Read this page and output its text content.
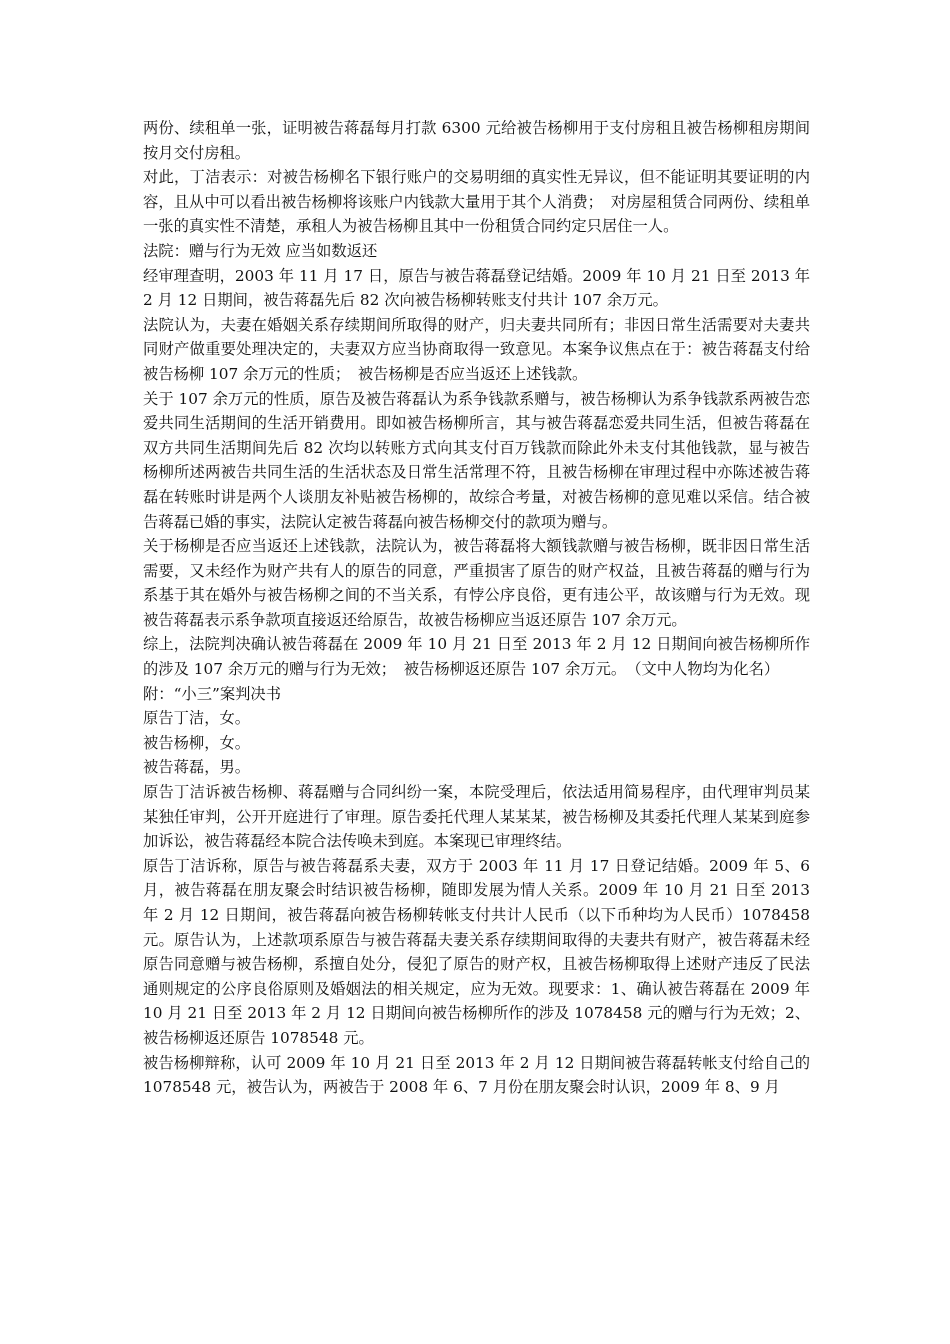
两份、续租单一张，证明被告蒋磊每月打款 6300 元给被告杨柳用于支付房租且被告杨柳租房期间按月交付房租。

对此，丁洁表示：对被告杨柳名下银行账户的交易明细的真实性无异议，但不能证明其要证明的内容，且从中可以看出被告杨柳将该账户内钱款大量用于其个人消费；　对房屋租赁合同两份、续租单一张的真实性不清楚，承租人为被告杨柳且其中一份租赁合同约定只居住一人。

法院：赠与行为无效 应当如数返还

经审理查明，2003 年 11 月 17 日，原告与被告蒋磊登记结婚。2009 年 10 月 21 日至 2013 年 2 月 12 日期间，被告蒋磊先后 82 次向被告杨柳转账支付共计 107 余万元。

法院认为，夫妻在婚姻关系存续期间所取得的财产，归夫妻共同所有；非因日常生活需要对夫妻共同财产做重要处理决定的，夫妻双方应当协商取得一致意见。本案争议焦点在于：被告蒋磊支付给被告杨柳 107 余万元的性质；　被告杨柳是否应当返还上述钱款。

关于 107 余万元的性质，原告及被告蒋磊认为系争钱款系赠与，被告杨柳认为系争钱款系两被告恋爱共同生活期间的生活开销费用。即如被告杨柳所言，其与被告蒋磊恋爱共同生活，但被告蒋磊在双方共同生活期间先后 82 次均以转账方式向其支付百万钱款而除此外未支付其他钱款，显与被告杨柳所述两被告共同生活的生活状态及日常生活常理不符，且被告杨柳在审理过程中亦陈述被告蒋磊在转账时讲是两个人谈朋友补贴被告杨柳的，故综合考量，对被告杨柳的意见难以采信。结合被告蒋磊已婚的事实，法院认定被告蒋磊向被告杨柳交付的款项为赠与。

关于杨柳是否应当返还上述钱款，法院认为，被告蒋磊将大额钱款赠与被告杨柳，既非因日常生活需要，又未经作为财产共有人的原告的同意，严重损害了原告的财产权益，且被告蒋磊的赠与行为系基于其在婚外与被告杨柳之间的不当关系，有悖公序良俗，更有违公平，故该赠与行为无效。现被告蒋磊表示系争款项直接返还给原告，故被告杨柳应当返还原告 107 余万元。

综上，法院判决确认被告蒋磊在 2009 年 10 月 21 日至 2013 年 2 月 12 日期间向被告杨柳所作的涉及 107 余万元的赠与行为无效；　被告杨柳返还原告 107 余万元。　（文中人物均为化名）

附：“小三”案判决书

原告丁洁，女。

被告杨柳，女。

被告蒋磊，男。

原告丁洁诉被告杨柳、蒋磊赠与合同纠纷一案，本院受理后，依法适用简易程序，由代理审判员某某独任审判，公开开庭进行了审理。原告委托代理人某某某，被告杨柳及其委托代理人某某到庭参加诉讼，被告蒋磊经本院合法传唤未到庭。本案现已审理终结。

原告丁洁诉称，原告与被告蒋磊系夫妻，双方于 2003 年 11 月 17 日登记结婚。2009 年 5、6 月，被告蒋磊在朋友聚会时结识被告杨柳，随即发展为情人关系。2009 年 10 月 21 日至 2013 年 2 月 12 日期间，被告蒋磊向被告杨柳转帐支付共计人民币（以下币种均为人民币）1078458 元。原告认为，上述款项系原告与被告蒋磊夫妻关系存续期间取得的夫妻共有财产，被告蒋磊未经原告同意赠与被告杨柳，系擅自处分，侵犯了原告的财产权，且被告杨柳取得上述财产违反了民法通则规定的公序良俗原则及婚姻法的相关规定，应为无效。现要求：1、确认被告蒋磊在 2009 年 10 月 21 日至 2013 年 2 月 12 日期间向被告杨柳所作的涉及 1078458 元的赠与行为无效；2、被告杨柳返还原告 1078548 元。

被告杨柳辩称，认可 2009 年 10 月 21 日至 2013 年 2 月 12 日期间被告蒋磊转帐支付给自己的 1078548 元，被告认为，两被告于 2008 年 6、7 月份在朋友聚会时认识，2009 年 8、9 月
